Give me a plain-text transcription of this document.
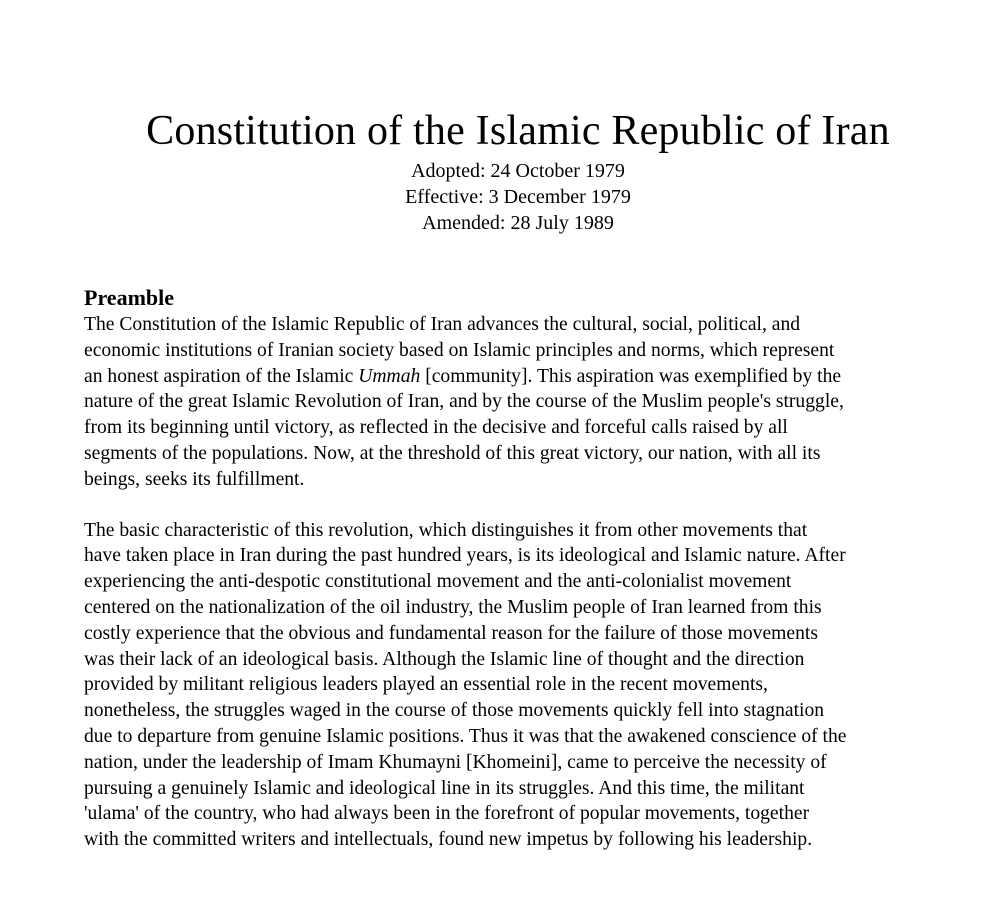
Constitution of the Islamic Republic of Iran

Adopted: 24 October 1979

Effective: 3 December 1979

Amended: 28 July 1989

Preamble

The Constitution of the Islamic Republic of Iran advances the cultural, social, political, and
economic institutions of Iranian society based on Islamic principles and norms, which represent
an honest aspiration of the Islamic Ummah [community]. This aspiration was exemplified by the
nature of the great Islamic Revolution of Iran, and by the course of the Muslim people's struggle,
from its beginning until victory, as reflected in the decisive and forceful calls raised by all
segments of the populations. Now, at the threshold of this great victory, our nation, with all its
beings, seeks its fulfillment.

The basic characteristic of this revolution, which distinguishes it from other movements that
have taken place in Iran during the past hundred years, is its ideological and Islamic nature. After
experiencing the anti-despotic constitutional movement and the anti-colonialist movement
centered on the nationalization of the oil industry, the Muslim people of Iran learned from this
costly experience that the obvious and fundamental reason for the failure of those movements
was their lack of an ideological basis. Although the Islamic line of thought and the direction
provided by militant religious leaders played an essential role in the recent movements,
nonetheless, the struggles waged in the course of those movements quickly fell into stagnation
due to departure from genuine Islamic positions. Thus it was that the awakened conscience of the
nation, under the leadership of Imam Khumayni [Khomeini], came to perceive the necessity of
pursuing a genuinely Islamic and ideological line in its struggles. And this time, the militant
'ulama' of the country, who had always been in the forefront of popular movements, together
with the committed writers and intellectuals, found new impetus by following his leadership.
